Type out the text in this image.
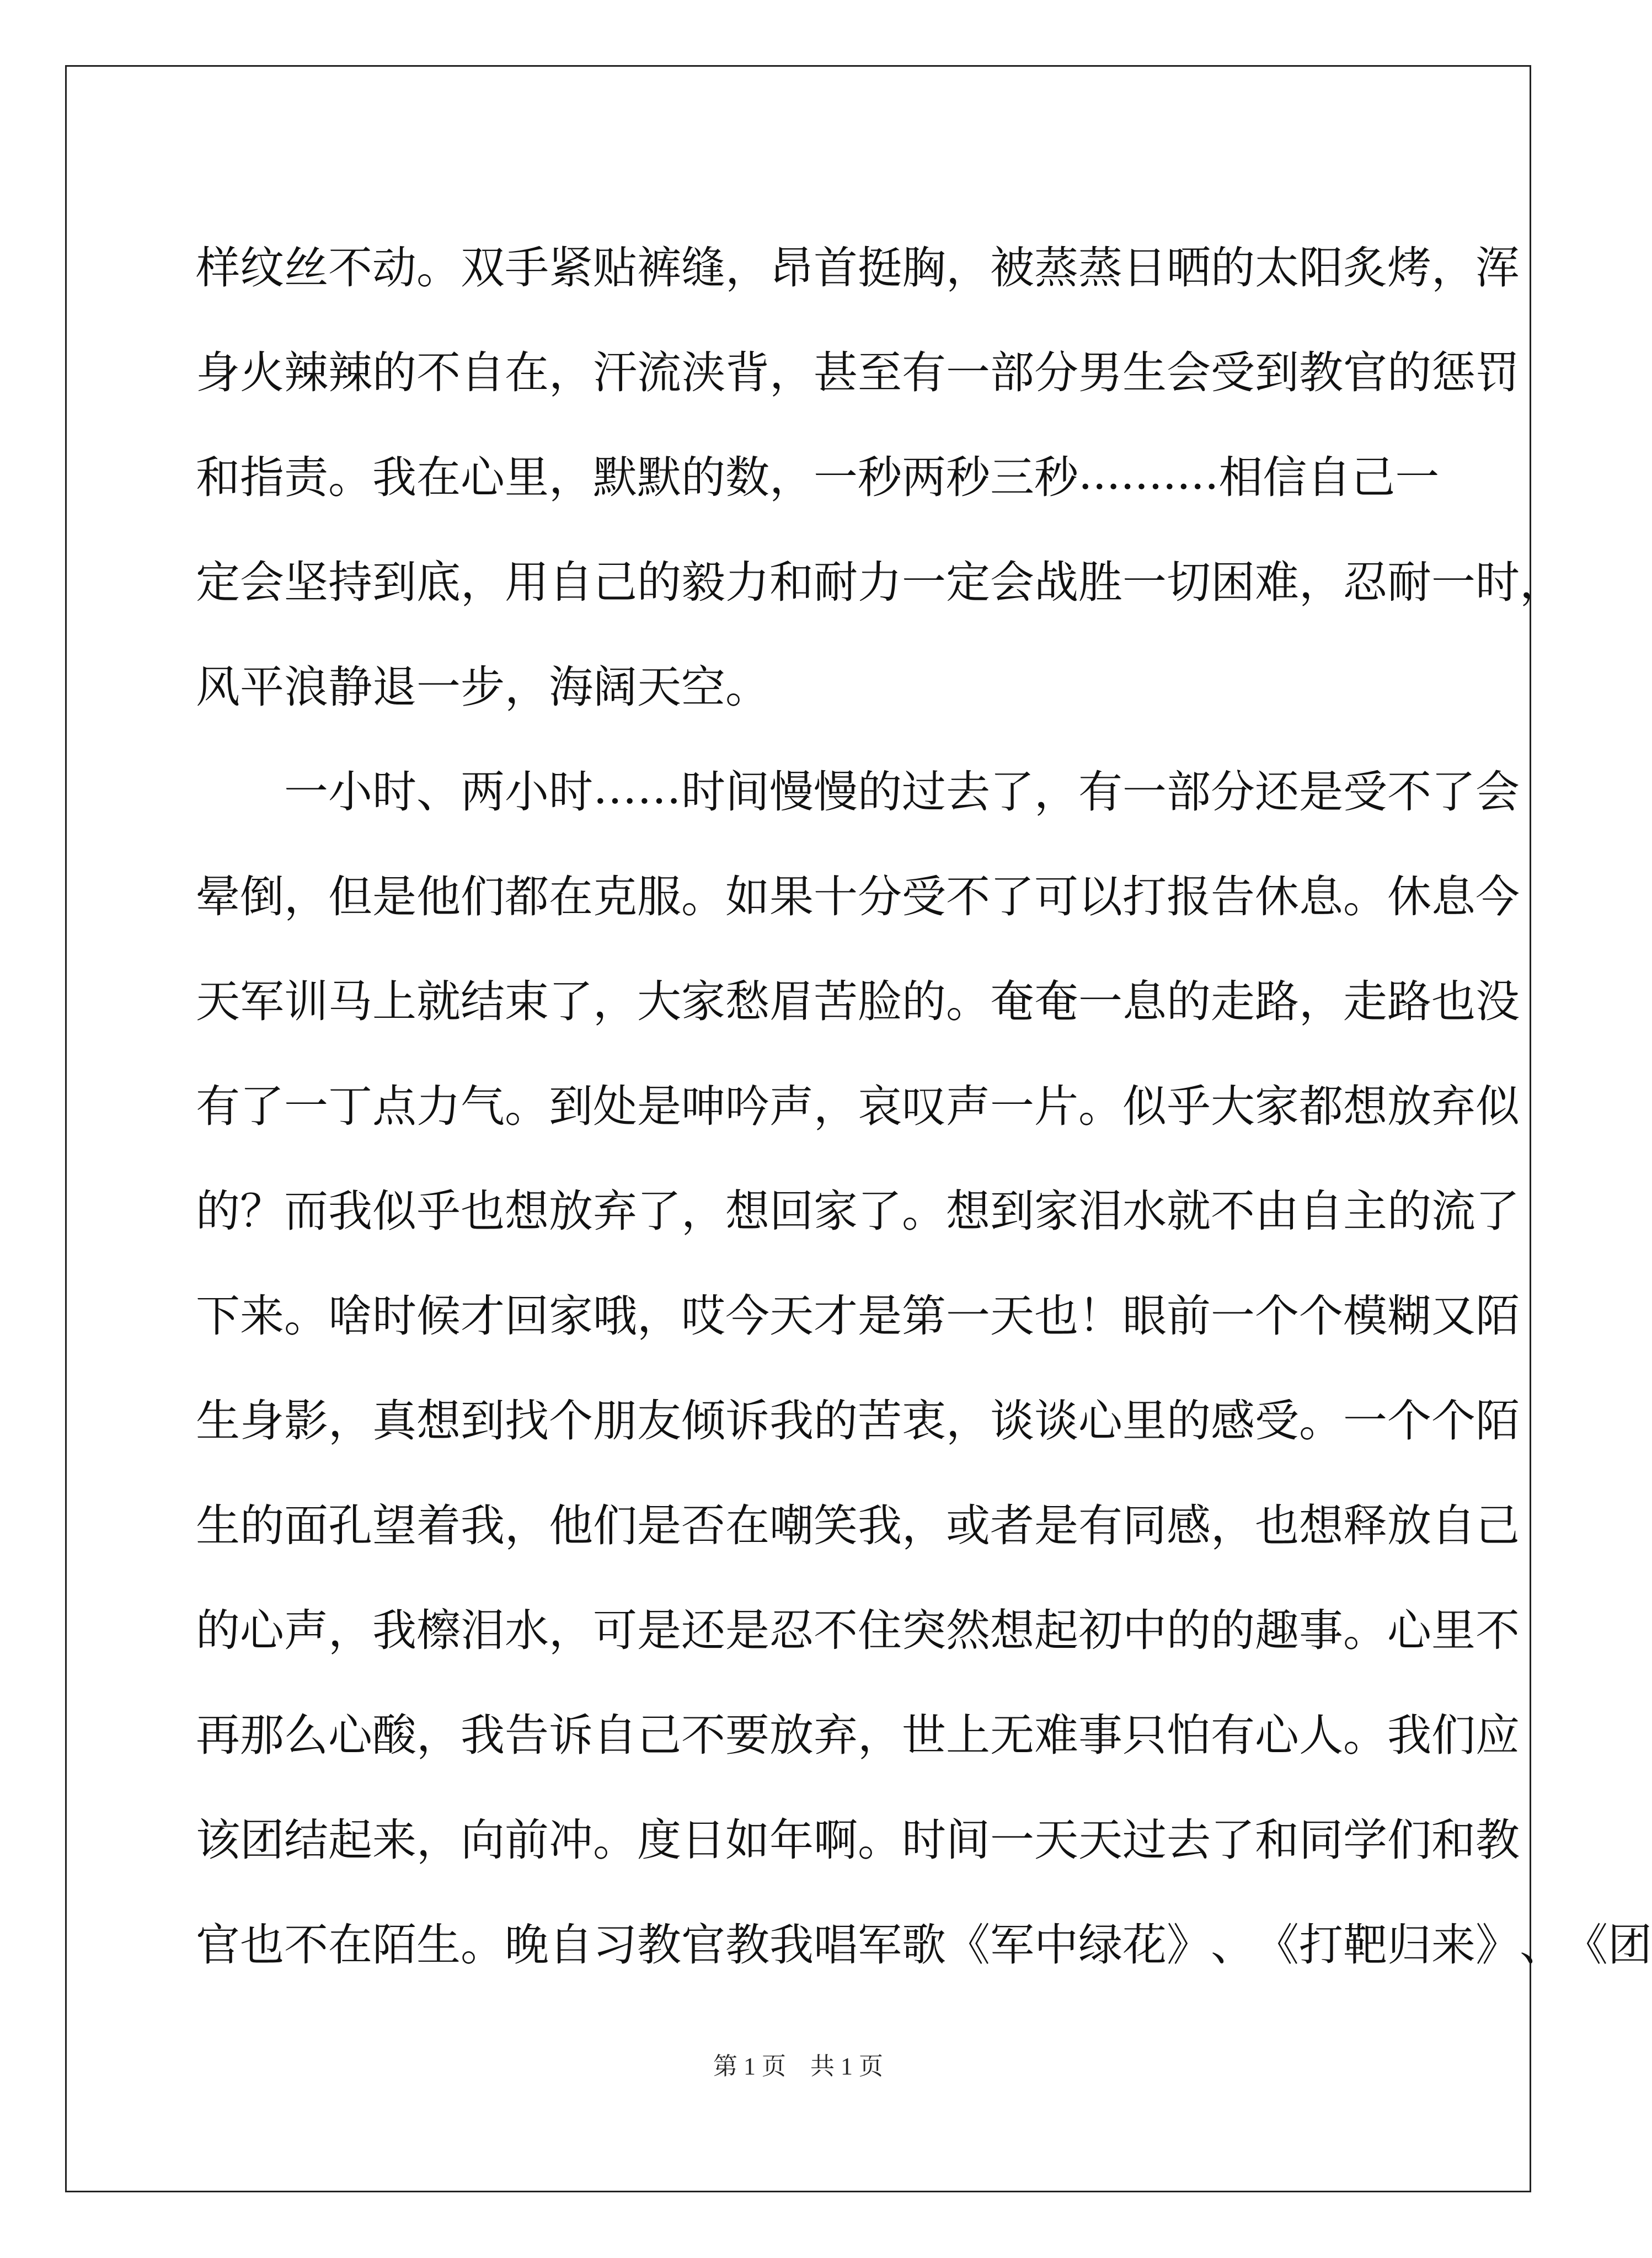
样 纹 丝 不 动 。 双 手 紧 贴 裤 缝 ， 昂 首 挺 胸 ， 被 蒸 蒸 日 晒 的 太 阳 炙 烤 ， 浑
身 火 辣 辣 的 不 自 在 ， 汗 流 浃 背 ， 甚 至 有 一 部 分 男 生 会 受 到 教 官 的 惩 罚
和 指 责 。 我 在 心 里 ， 默 默 的 数 ， 一 秒 两 秒 三 秒 . . . . . . . . . . 相 信 自 己 一
定 会 坚 持 到 底 ， 用 自 己 的 毅 力 和 耐 力 一 定 会 战 胜 一 切 困 难 ， 忍 耐 一 时 ，
风平浪静退一步，海阔天空。
一 小 时 、 两 小 时 … … 时 间 慢 慢 的 过 去 了 ， 有 一 部 分 还 是 受 不 了 会
晕 倒 ， 但 是 他 们 都 在 克 服 。 如 果 十 分 受 不 了 可 以 打 报 告 休 息 。 休 息 今
天 军 训 马 上 就 结 束 了 ， 大 家 愁 眉 苦 脸 的 。 奄 奄 一 息 的 走 路 ， 走 路 也 没
有 了 一 丁 点 力 气 。 到 处 是 呻 吟 声 ， 哀 叹 声 一 片 。 似 乎 大 家 都 想 放 弃 似
的 ？ 而 我 似 乎 也 想 放 弃 了 ， 想 回 家 了 。 想 到 家 泪 水 就 不 由 自 主 的 流 了
下 来 。 啥 时 候 才 回 家 哦 ， 哎 今 天 才 是 第 一 天 也 ！ 眼 前 一 个 个 模 糊 又 陌
生 身 影 ， 真 想 到 找 个 朋 友 倾 诉 我 的 苦 衷 ， 谈 谈 心 里 的 感 受 。 一 个 个 陌
生 的 面 孔 望 着 我 ， 他 们 是 否 在 嘲 笑 我 ， 或 者 是 有 同 感 ， 也 想 释 放 自 己
的 心 声 ， 我 檫 泪 水 ， 可 是 还 是 忍 不 住 突 然 想 起 初 中 的 的 趣 事 。 心 里 不
再 那 么 心 酸 ， 我 告 诉 自 己 不 要 放 弃 ， 世 上 无 难 事 只 怕 有 心 人 。 我 们 应
该 团 结 起 来 ， 向 前 冲 。 度 日 如 年 啊 。 时 间 一 天 天 过 去 了 和 同 学 们 和 教
官 也 不 在 陌 生 。 晚 自 习 教 官 教 我 唱 军 歌 《 军 中 绿 花 》 、 《 打 靶 归 来 》 、 《 团
第 1 页　共 1 页
